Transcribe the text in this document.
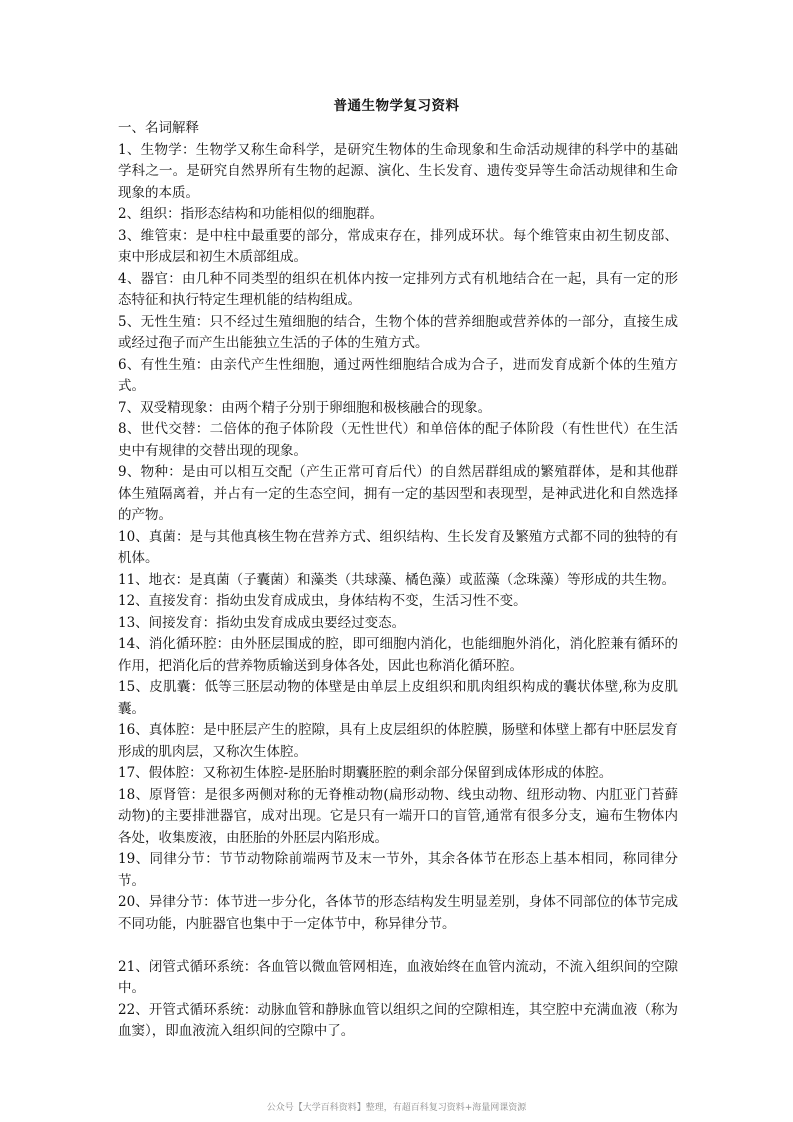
普通生物学复习资料

一、名词解释

1、生物学：生物学又称生命科学，是研究生物体的生命现象和生命活动规律的科学中的基础学科之一。是研究自然界所有生物的起源、演化、生长发育、遗传变异等生命活动规律和生命现象的本质。

2、组织：指形态结构和功能相似的细胞群。

3、维管束：是中柱中最重要的部分，常成束存在，排列成环状。每个维管束由初生韧皮部、束中形成层和初生木质部组成。

4、器官：由几种不同类型的组织在机体内按一定排列方式有机地结合在一起，具有一定的形态特征和执行特定生理机能的结构组成。

5、无性生殖：只不经过生殖细胞的结合，生物个体的营养细胞或营养体的一部分，直接生成或经过孢子而产生出能独立生活的子体的生殖方式。

6、有性生殖：由亲代产生性细胞，通过两性细胞结合成为合子，进而发育成新个体的生殖方式。

7、双受精现象：由两个精子分别于卵细胞和极核融合的现象。

8、世代交替：二倍体的孢子体阶段（无性世代）和单倍体的配子体阶段（有性世代）在生活史中有规律的交替出现的现象。

9、物种：是由可以相互交配（产生正常可育后代）的自然居群组成的繁殖群体，是和其他群体生殖隔离着，并占有一定的生态空间，拥有一定的基因型和表现型，是神武进化和自然选择的产物。

10、真菌：是与其他真核生物在营养方式、组织结构、生长发育及繁殖方式都不同的独特的有机体。

11、地衣：是真菌（子囊菌）和藻类（共球藻、橘色藻）或蓝藻（念珠藻）等形成的共生物。

12、直接发育：指幼虫发育成成虫，身体结构不变，生活习性不变。

13、间接发育：指幼虫发育成成虫要经过变态。

14、消化循环腔：由外胚层围成的腔，即可细胞内消化，也能细胞外消化，消化腔兼有循环的作用，把消化后的营养物质输送到身体各处，因此也称消化循环腔。

15、皮肌囊：低等三胚层动物的体壁是由单层上皮组织和肌肉组织构成的囊状体壁,称为皮肌囊。

16、真体腔：是中胚层产生的腔隙，具有上皮层组织的体腔膜，肠壁和体壁上都有中胚层发育形成的肌肉层，又称次生体腔。

17、假体腔：又称初生体腔-是胚胎时期囊胚腔的剩余部分保留到成体形成的体腔。

18、原肾管：是很多两侧对称的无脊椎动物(扁形动物、线虫动物、纽形动物、内肛亚门苔藓动物)的主要排泄器官，成对出现。它是只有一端开口的盲管,通常有很多分支，遍布生物体内各处，收集废液，由胚胎的外胚层内陷形成。

19、同律分节：节节动物除前端两节及末一节外，其余各体节在形态上基本相同，称同律分节。

20、异律分节：体节进一步分化，各体节的形态结构发生明显差别，身体不同部位的体节完成不同功能，内脏器官也集中于一定体节中，称异律分节。

21、闭管式循环系统：各血管以微血管网相连，血液始终在血管内流动，不流入组织间的空隙中。

22、开管式循环系统：动脉血管和静脉血管以组织之间的空隙相连，其空腔中充满血液（称为血窦），即血液流入组织间的空隙中了。

公众号【大学百科资料】整理，有超百科复习资料+海量网课资源
